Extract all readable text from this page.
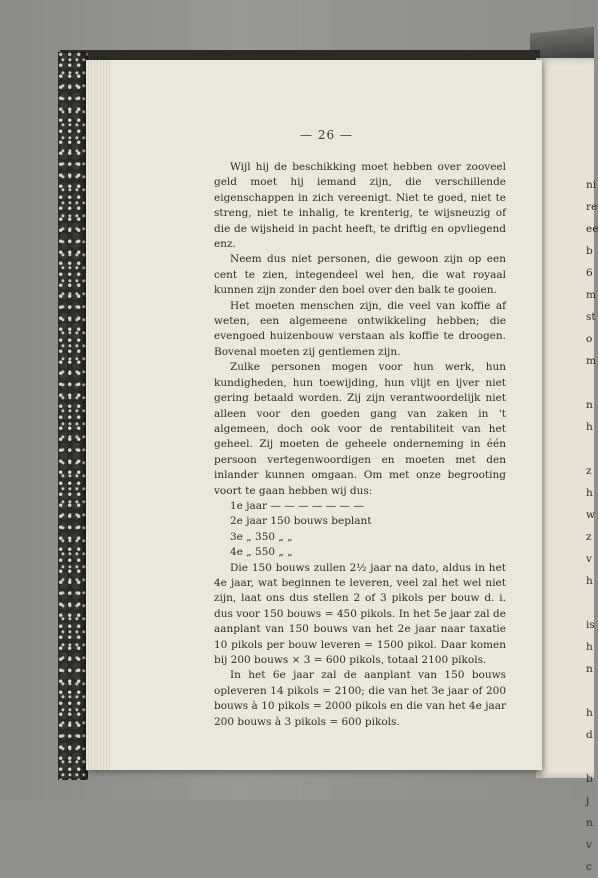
— 26 —

Wijl hij de beschikking moet hebben over zooveel geld moet hij iemand zijn, die verschillende eigenschappen in zich vereenigt. Niet te goed, niet te streng, niet te inhalig, te krenterig, te wijsneuzig of die de wijsheid in pacht heeft, te driftig en opvliegend enz.

Neem dus niet personen, die gewoon zijn op een cent te zien, integendeel wel hen, die wat royaal kunnen zijn zonder den boel over den balk te gooien.

Het moeten menschen zijn, die veel van koffie af weten, een algemeene ontwikkeling hebben; die evengoed huizenbouw verstaan als koffie te droogen. Bovenal moeten zij gentlemen zijn.

Zulke personen mogen voor hun werk, hun kundigheden, hun toewijding, hun vlijt en ijver niet gering betaald worden. Zij zijn verantwoordelijk niet alleen voor den goeden gang van zaken in 't algemeen, doch ook voor de rentabiliteit van het geheel. Zij moeten de geheele onderneming in één persoon vertegenwoordigen en moeten met den inlander kunnen omgaan. Om met onze begrooting voort te gaan hebben wij dus:

1e jaar — — — — — — —
2e jaar 150 bouws beplant
3e „ 350 „ „
4e „ 550 „ „

Die 150 bouws zullen 2½ jaar na dato, aldus in het 4e jaar, wat beginnen te leveren, veel zal het wel niet zijn, laat ons dus stellen 2 of 3 pikols per bouw d. i. dus voor 150 bouws = 450 pikols. In het 5e jaar zal de aanplant van 150 bouws van het 2e jaar naar taxatie 10 pikols per bouw leveren = 1500 pikol. Daar komen bij 200 bouws × 3 = 600 pikols, totaal 2100 pikols.

In het 6e jaar zal de aanplant van 150 bouws opleveren 14 pikols = 2100; die van het 3e jaar of 200 bouws à 10 pikols = 2000 pikols en die van het 4e jaar 200 bouws à 3 pikols = 600 pikols.

ni
re
ee
b
6
m
st
o
m

n
h

z
h
w
z
v
h

is
h
n

h
d

b
j
n
v
c
